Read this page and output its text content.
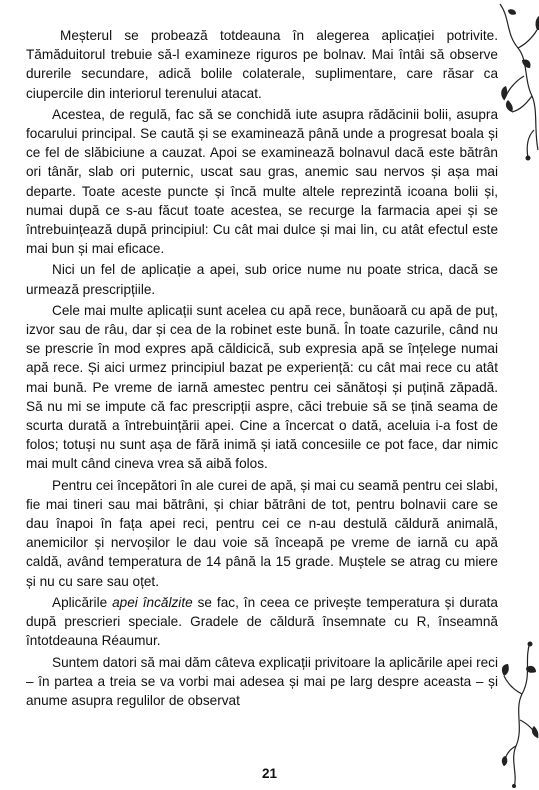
Meșterul se probează totdeauna în alegerea aplicației potrivite. Tămăduitorul trebuie să-l examineze riguros pe bolnav. Mai întâi să observe durerile secundare, adică bolile colaterale, suplimentare, care răsar ca ciupercile din interiorul terenului atacat.

Acestea, de regulă, fac să se conchidă iute asupra rădăcinii bolii, asupra focarului principal. Se caută și se examinează până unde a progresat boala și ce fel de slăbiciune a cauzat. Apoi se examinează bolnavul dacă este bătrân ori tânăr, slab ori puternic, uscat sau gras, anemic sau nervos și așa mai departe. Toate aceste puncte și încă multe altele reprezintă icoana bolii și, numai după ce s-au făcut toate acestea, se recurge la farmacia apei și se întrebuințează după principiul: Cu cât mai dulce și mai lin, cu atât efectul este mai bun și mai eficace.

Nici un fel de aplicație a apei, sub orice nume nu poate strica, dacă se urmează prescripțiile.

Cele mai multe aplicații sunt acelea cu apă rece, bunăoară cu apă de puț, izvor sau de râu, dar și cea de la robinet este bună. În toate cazurile, când nu se prescrie în mod expres apă căldicică, sub expresia apă se înțelege numai apă rece. Și aici urmez principiul bazat pe experiență: cu cât mai rece cu atât mai bună. Pe vreme de iarnă amestec pentru cei sănătoși și puțină zăpadă. Să nu mi se impute că fac prescripții aspre, căci trebuie să se țină seama de scurta durată a întrebuințării apei. Cine a încercat o dată, aceluia i-a fost de folos; totuși nu sunt așa de fără inimă și iată concesiile ce pot face, dar nimic mai mult când cineva vrea să aibă folos.

Pentru cei începători în ale curei de apă, și mai cu seamă pentru cei slabi, fie mai tineri sau mai bătrâni, și chiar bătrâni de tot, pentru bolnavii care se dau înapoi în fața apei reci, pentru cei ce n-au destulă căldură animală, anemicilor și nervoșilor le dau voie să înceapă pe vreme de iarnă cu apă caldă, având temperatura de 14 până la 15 grade. Muștele se atrag cu miere și nu cu sare sau oțet.

Aplicările apei încălzite se fac, în ceea ce privește temperatura și durata după prescrieri speciale. Gradele de căldură însemnate cu R, înseamnă întotdeauna Réaumur.

Suntem datori să mai dăm câteva explicații privitoare la aplicările apei reci – în partea a treia se va vorbi mai adesea și mai pe larg despre aceasta – și anume asupra regulilor de observat

21
